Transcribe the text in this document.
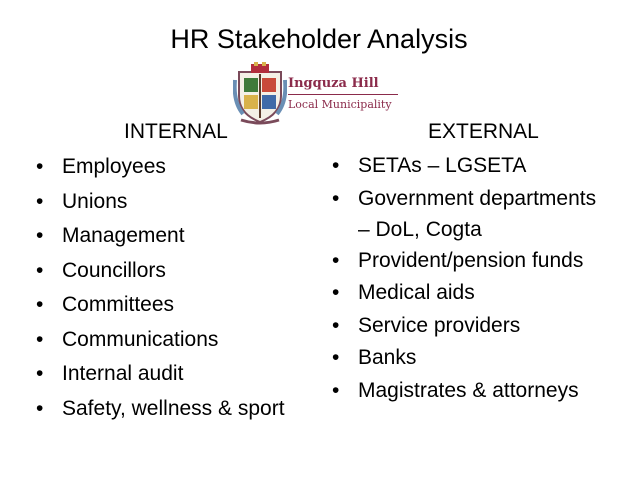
HR Stakeholder Analysis
Ingquza Hill
Local Municipality
INTERNAL	EXTERNAL
• Employees
• Unions
• Management
• Councillors
• Committees
• Communications
• Internal audit
• Safety, wellness & sport
• SETAs – LGSETA
• Government departments – DoL, Cogta
• Provident/pension funds
• Medical aids
• Service providers
• Banks
• Magistrates & attorneys
